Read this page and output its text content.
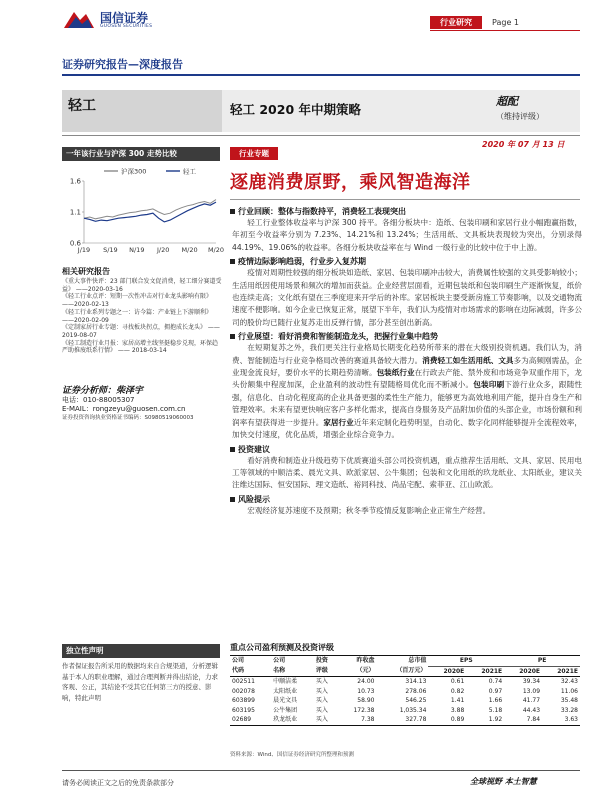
国信证券
GUOSEN SECURITIES	行业研究	Page 1
证券研究报告—深度报告
轻工	轻工 2020 年中期策略
超配
（维持评级）
2020 年 07 月 13 日
一年该行业与沪深 300 走势比较
1.6
1.1
0.6
J/19 S/19 N/19 J/20 M/20 M/20
沪深300	轻工
相关研究报告
《重大事件快评：23 部门联合发文促消费，轻工细分赛道受益》 ——2020-03-16
《轻工行业点评：短期一次性冲击对行业龙头影响有限》 ——2020-02-13
《轻工行业系列专题之一：访今篇：产业链上下游顺利》 ——2020-02-09
《定制家居行业专题：寻找板块拐点，拥抱成长龙头》 ——2019-08-07
《轻工制造行业月报：家居高增主线坚挺稳步兑现，环保趋严助推废纸系行情》 —— 2018-03-14
证券分析师：柴泽宇
电话：010-88005307
E-MAIL：rongzeyu@guosen.com.cn
证券投资咨询执业资格证书编码：S0980519060003
独立性声明
作者保证报告所采用的数据均来自合规渠道，分析逻辑基于本人的职业理解，通过合理判断并得出结论，力求客观、公正，其结论不受其它任何第三方的授意、影响，特此声明
行业专题
逐鹿消费原野，乘风智造海洋
行业回顾：整体与指数持平，消费轻工表现突出
轻工行业整体收益率与沪深 300 持平。各细分板块中：造纸、包装印刷和家居行业小幅跑赢指数，年初至今收益率分别为 7.23%、14.21%和 13.24%；生活用纸、文具板块表现较为突出，分别录得 44.19%、19.06%的收益率。各细分板块收益率在与 Wind 一级行业的比较中位于中上游。
疫情边际影响趋弱，行业步入复苏期
疫情对周期性较强的细分板块如造纸、家居、包装印刷冲击较大，消费属性较强的文具受影响较小；生活用纸因使用场景和频次的增加而获益。企业经营层面看，近期包装纸和包装印刷生产逐渐恢复，纸价也连续走高；文化纸有望在三季度迎来开学后的补库。家居板块主要受新房施工节奏影响，以及交通物流速度不便影响。如今企业已恢复正常，展望下半年，我们认为疫情对市场需求的影响在边际减弱，许多公司的股价均已随行业复苏走出反弹行情，部分甚至创出新高。
行业展望：看好消费和智能制造龙头，把握行业集中趋势
在短期复苏之外，我们更关注行业格局长期变化趋势所带来的潜在大级别投资机遇。我们认为，消费、智能制造与行业竞争格局改善的赛道具备较大潜力。消费轻工如生活用纸、文具多为高频刚需品，企业现金流良好，要价水平的长期趋势清晰。包装纸行业在行政去产能、禁外废和市场竞争双重作用下，龙头份额集中程度加深，企业盈利的波动性有望随格局优化而不断减小。包装印刷下游行业众多，跟随性强，信息化、自动化程度高的企业具备更强的柔性生产能力，能够更为高效地利用产能，提升自身生产和管理效率。未来有望更快响应客户多样化需求，提高自身服务及产品附加价值的头部企业，市场份额和利润率有望获得进一步提升。家居行业近年来定制化趋势明显，自动化、数字化同样能够提升全流程效率，加快交付速度，优化品质，增强企业综合竞争力。
投资建议
看好消费和制造业升级趋势下优质赛道头部公司投资机遇，重点推荐生活用纸、文具、家居、民用电工等领域的中顺洁柔、晨光文具、欧派家居、公牛集团；包装和文化用纸的玖龙纸业、太阳纸业，建议关注维达国际、恒安国际、理文造纸、裕同科技、尚品宅配、索菲亚、江山欧派。
风险提示
宏观经济复苏速度不及预期；秋冬季节疫情反复影响企业正常生产经营。
重点公司盈利预测及投资评级
公司	公司	投资	昨收盘	总市值	EPS		PE	
代码	名称	评级	（元）	（百万元）	2020E	2021E	2020E	2021E
002511	中顺洁柔	买入	24.00	314.13	0.61	0.74	39.34	32.43
002078	太阳纸业	买入	10.73	278.06	0.82	0.97	13.09	11.06
603899	晨光文具	买入	58.90	546.25	1.41	1.66	41.77	35.48
603195	公牛集团	买入	172.38	1,035.34	3.88	5.18	44.43	33.28
02689	玖龙纸业	买入	7.38	327.78	0.89	1.92	7.84	3.63
资料来源：Wind、国信证券经济研究所整理和预测
请务必阅读正文之后的免责条款部分	全球视野 本土智慧
